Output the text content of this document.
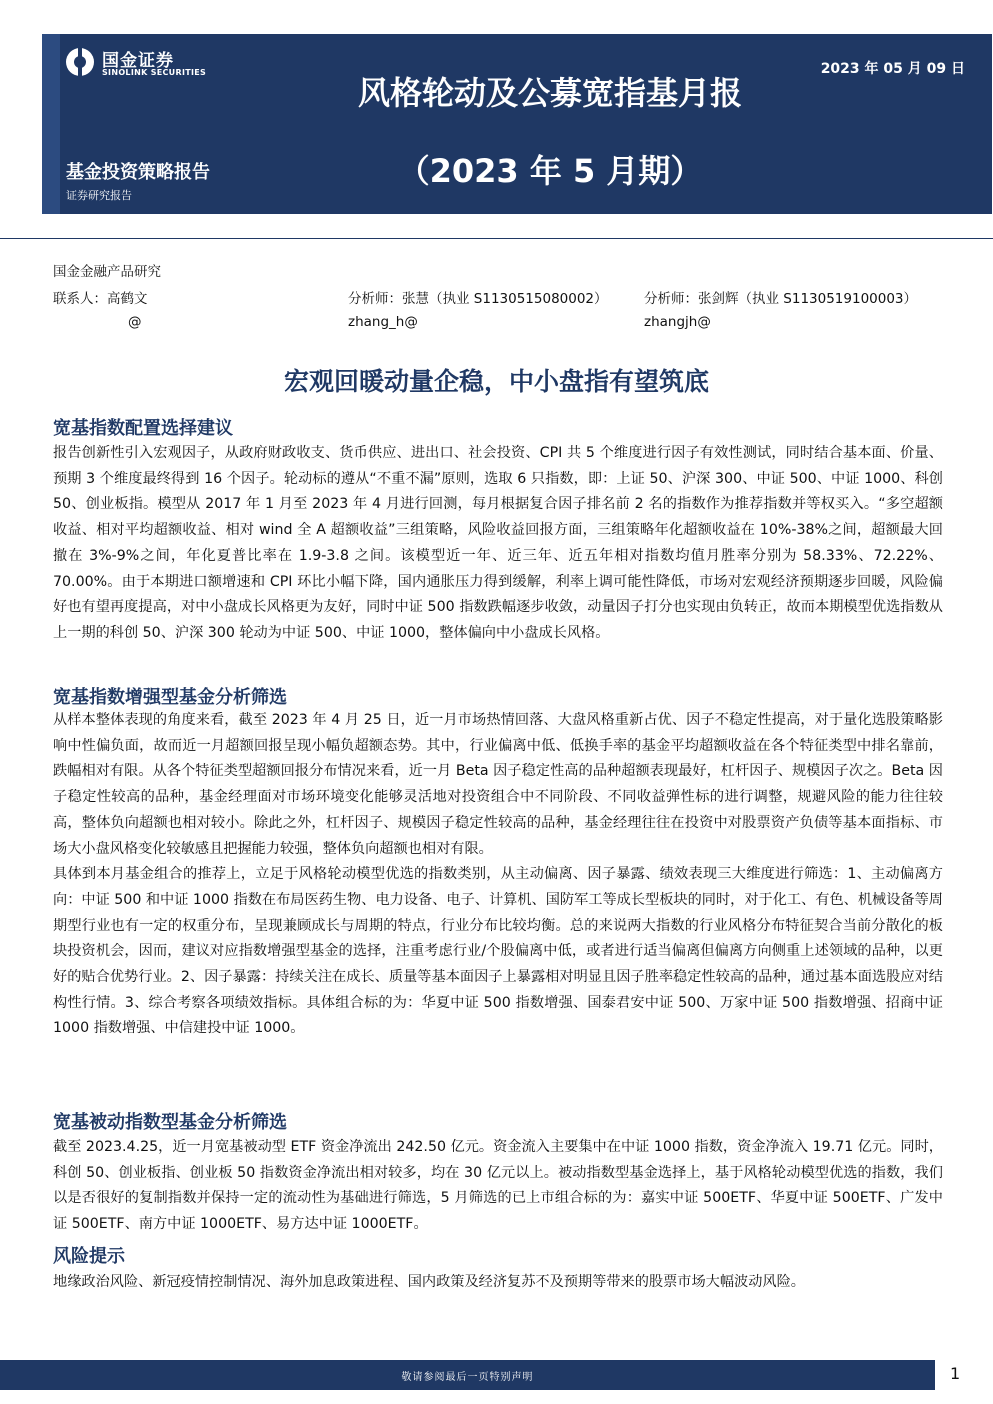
国金证券
SINOLINK SECURITIES	2023 年 05 月 09 日
风格轮动及公募宽指基月报
（2023 年 5 月期）
基金投资策略报告
证券研究报告
国金金融产品研究
联系人：高鹤文
@
分析师：张慧（执业 S1130515080002）
zhang_h@
分析师：张剑辉（执业 S1130519100003）
zhangjh@
宏观回暖动量企稳，中小盘指有望筑底
宽基指数配置选择建议

报告创新性引入宏观因子，从政府财政收支、货币供应、进出口、社会投资、CPI 共 5 个维度进行因子有效性测试，同时结合基本面、价量、预期 3 个维度最终得到 16 个因子。轮动标的遵从“不重不漏”原则，选取 6 只指数，即：上证 50、沪深 300、中证 500、中证 1000、科创 50、创业板指。模型从 2017 年 1 月至 2023 年 4 月进行回测，每月根据复合因子排名前 2 名的指数作为推荐指数并等权买入。“多空超额收益、相对平均超额收益、相对 wind 全 A 超额收益”三组策略，风险收益回报方面，三组策略年化超额收益在 10%-38%之间，超额最大回撤在 3%-9%之间，年化夏普比率在 1.9-3.8 之间。该模型近一年、近三年、近五年相对指数均值月胜率分别为 58.33%、72.22%、70.00%。由于本期进口额增速和 CPI 环比小幅下降，国内通胀压力得到缓解，利率上调可能性降低，市场对宏观经济预期逐步回暖，风险偏好也有望再度提高，对中小盘成长风格更为友好，同时中证 500 指数跌幅逐步收敛，动量因子打分也实现由负转正，故而本期模型优选指数从上一期的科创 50、沪深 300 轮动为中证 500、中证 1000，整体偏向中小盘成长风格。

宽基指数增强型基金分析筛选

从样本整体表现的角度来看，截至 2023 年 4 月 25 日，近一月市场热情回落、大盘风格重新占优、因子不稳定性提高，对于量化选股策略影响中性偏负面，故而近一月超额回报呈现小幅负超额态势。其中，行业偏离中低、低换手率的基金平均超额收益在各个特征类型中排名靠前，跌幅相对有限。从各个特征类型超额回报分布情况来看，近一月 Beta 因子稳定性高的品种超额表现最好，杠杆因子、规模因子次之。Beta 因子稳定性较高的品种，基金经理面对市场环境变化能够灵活地对投资组合中不同阶段、不同收益弹性标的进行调整，规避风险的能力往往较高，整体负向超额也相对较小。除此之外，杠杆因子、规模因子稳定性较高的品种，基金经理往往在投资中对股票资产负债等基本面指标、市场大小盘风格变化较敏感且把握能力较强，整体负向超额也相对有限。

具体到本月基金组合的推荐上，立足于风格轮动模型优选的指数类别，从主动偏离、因子暴露、绩效表现三大维度进行筛选：1、主动偏离方向：中证 500 和中证 1000 指数在布局医药生物、电力设备、电子、计算机、国防军工等成长型板块的同时，对于化工、有色、机械设备等周期型行业也有一定的权重分布，呈现兼顾成长与周期的特点，行业分布比较均衡。总的来说两大指数的行业风格分布特征契合当前分散化的板块投资机会，因而，建议对应指数增强型基金的选择，注重考虑行业/个股偏离中低，或者进行适当偏离但偏离方向侧重上述领域的品种，以更好的贴合优势行业。2、因子暴露：持续关注在成长、质量等基本面因子上暴露相对明显且因子胜率稳定性较高的品种，通过基本面选股应对结构性行情。3、综合考察各项绩效指标。具体组合标的为：华夏中证 500 指数增强、国泰君安中证 500、万家中证 500 指数增强、招商中证 1000 指数增强、中信建投中证 1000。

宽基被动指数型基金分析筛选

截至 2023.4.25，近一月宽基被动型 ETF 资金净流出 242.50 亿元。资金流入主要集中在中证 1000 指数，资金净流入 19.71 亿元。同时，科创 50、创业板指、创业板 50 指数资金净流出相对较多，均在 30 亿元以上。被动指数型基金选择上，基于风格轮动模型优选的指数，我们以是否很好的复制指数并保持一定的流动性为基础进行筛选，5 月筛选的已上市组合标的为：嘉实中证 500ETF、华夏中证 500ETF、广发中证 500ETF、南方中证 1000ETF、易方达中证 1000ETF。

风险提示

地缘政治风险、新冠疫情控制情况、海外加息政策进程、国内政策及经济复苏不及预期等带来的股票市场大幅波动风险。

敬请参阅最后一页特别声明	1
